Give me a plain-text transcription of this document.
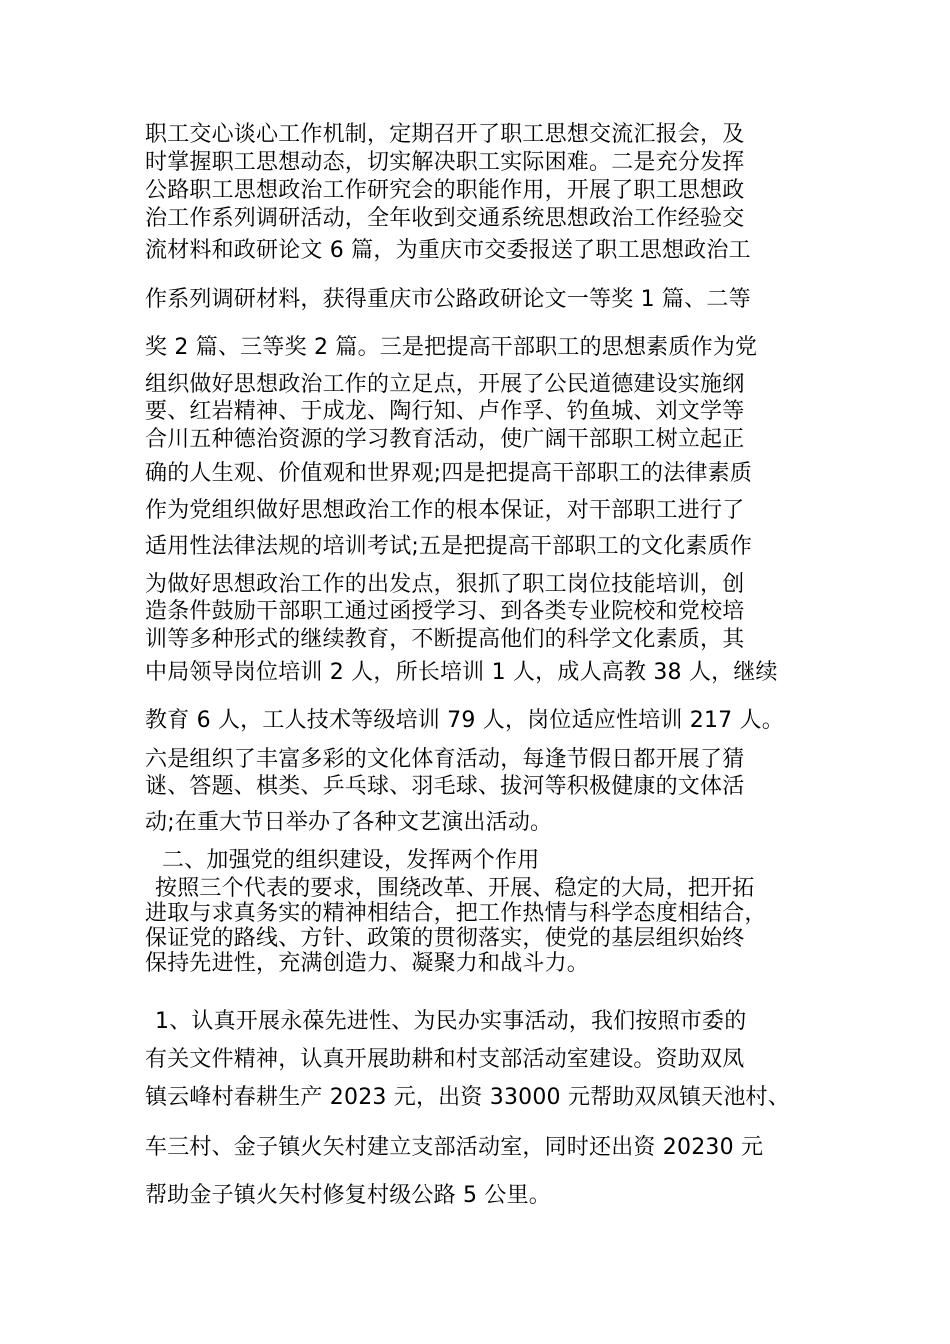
职工交心谈心工作机制，定期召开了职工思想交流汇报会，及
时掌握职工思想动态，切实解决职工实际困难。二是充分发挥
公路职工思想政治工作研究会的职能作用，开展了职工思想政
治工作系列调研活动，全年收到交通系统思想政治工作经验交
流材料和政研论文 6 篇，为重庆市交委报送了职工思想政治工
作系列调研材料，获得重庆市公路政研论文一等奖 1 篇、二等
奖 2 篇、三等奖 2 篇。三是把提高干部职工的思想素质作为党
组织做好思想政治工作的立足点，开展了公民道德建设实施纲
要、红岩精神、于成龙、陶行知、卢作孚、钓鱼城、刘文学等
合川五种德治资源的学习教育活动，使广阔干部职工树立起正
确的人生观、价值观和世界观;四是把提高干部职工的法律素质
作为党组织做好思想政治工作的根本保证，对干部职工进行了
适用性法律法规的培训考试;五是把提高干部职工的文化素质作
为做好思想政治工作的出发点，狠抓了职工岗位技能培训，创
造条件鼓励干部职工通过函授学习、到各类专业院校和党校培
训等多种形式的继续教育，不断提高他们的科学文化素质，其
中局领导岗位培训 2 人，所长培训 1 人，成人高教 38 人，继续
教育 6 人，工人技术等级培训 79 人，岗位适应性培训 217 人。
六是组织了丰富多彩的文化体育活动，每逢节假日都开展了猜
谜、答题、棋类、乒乓球、羽毛球、拔河等积极健康的文体活
动;在重大节日举办了各种文艺演出活动。
二、加强党的组织建设，发挥两个作用
按照三个代表的要求，围绕改革、开展、稳定的大局，把开拓
进取与求真务实的精神相结合，把工作热情与科学态度相结合，
保证党的路线、方针、政策的贯彻落实，使党的基层组织始终
保持先进性，充满创造力、凝聚力和战斗力。
1、认真开展永葆先进性、为民办实事活动，我们按照市委的
有关文件精神，认真开展助耕和村支部活动室建设。资助双凤
镇云峰村春耕生产 2023 元，出资 33000 元帮助双凤镇天池村、
车三村、金子镇火矢村建立支部活动室，同时还出资 20230 元
帮助金子镇火矢村修复村级公路 5 公里。
